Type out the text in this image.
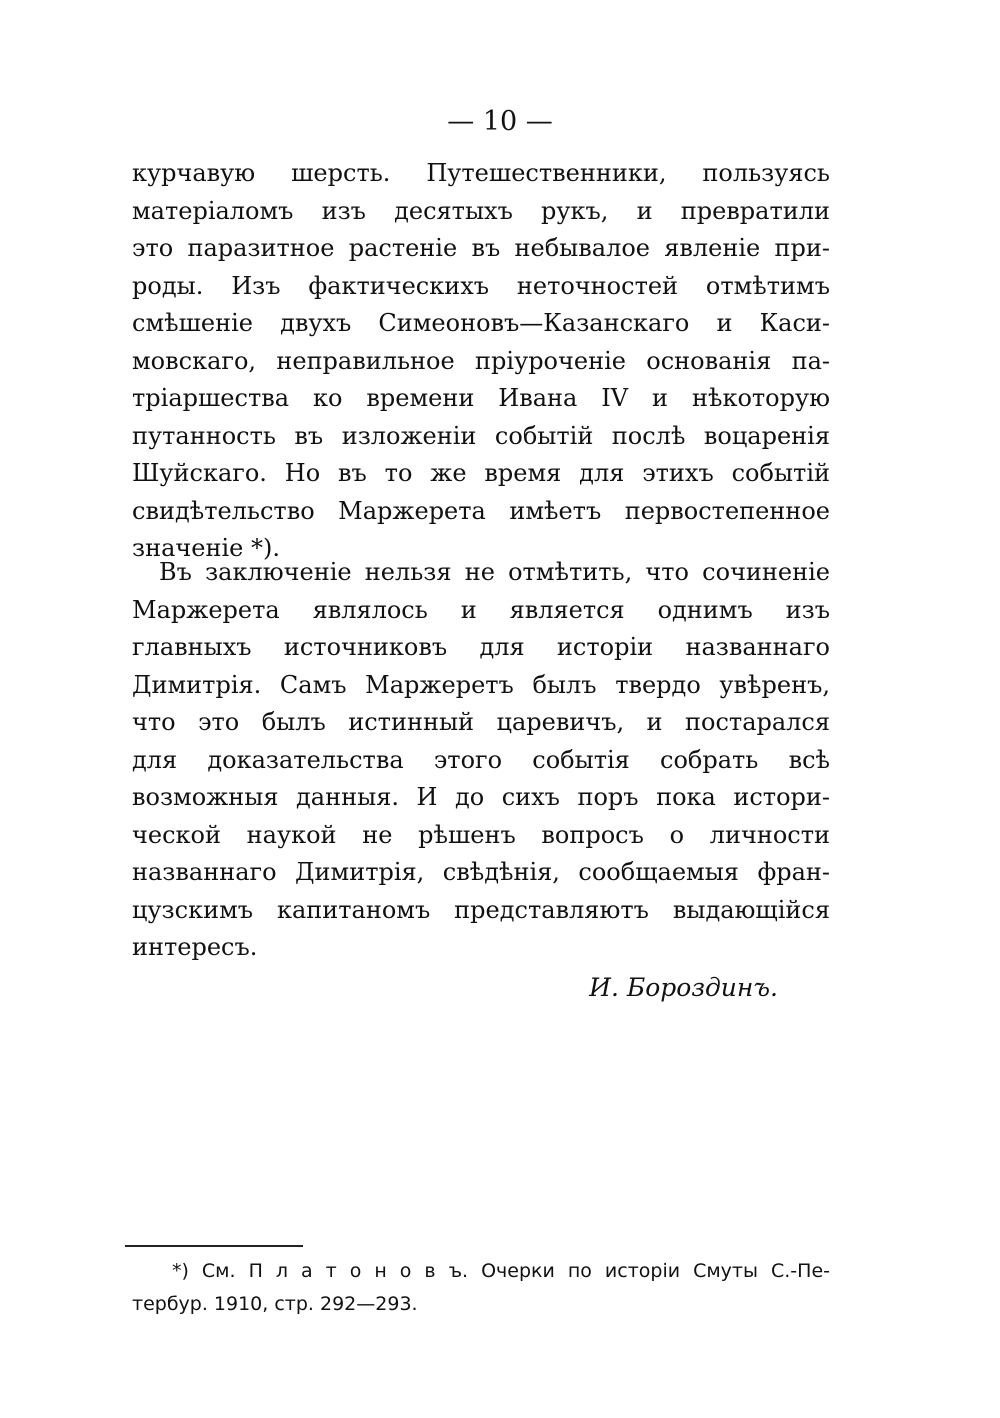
— 10 —
курчавую шерсть. Путешественники, пользуясь
матеріаломъ изъ десятыхъ рукъ, и превратили
это паразитное растеніе въ небывалое явленіе при-
роды. Изъ фактическихъ неточностей отмѣтимъ
смѣшеніе двухъ Симеоновъ—Казанскаго и Каси-
мовскаго, неправильное пріуроченіе основанія па-
тріаршества ко времени Ивана IV и нѣкоторую
путанность въ изложеніи событій послѣ воцаренія
Шуйскаго. Но въ то же время для этихъ событій
свидѣтельство Маржерета имѣетъ первостепенное
значеніе *).
Въ заключеніе нельзя не отмѣтить, что сочиненіе
Маржерета являлось и является однимъ изъ
главныхъ источниковъ для исторіи названнаго
Димитрія. Самъ Маржеретъ былъ твердо увѣренъ,
что это былъ истинный царевичъ, и постарался
для доказательства этого событія собрать всѣ
возможныя данныя. И до сихъ поръ пока истори-
ческой наукой не рѣшенъ вопросъ о личности
названнаго Димитрія, свѣдѣнія, сообщаемыя фран-
цузскимъ капитаномъ представляютъ выдающійся
интересъ.
И. Бороздинъ.
*) См. П л а т о н о в ъ. Очерки по исторіи Смуты С.-Пе-
тербур. 1910, стр. 292—293.
